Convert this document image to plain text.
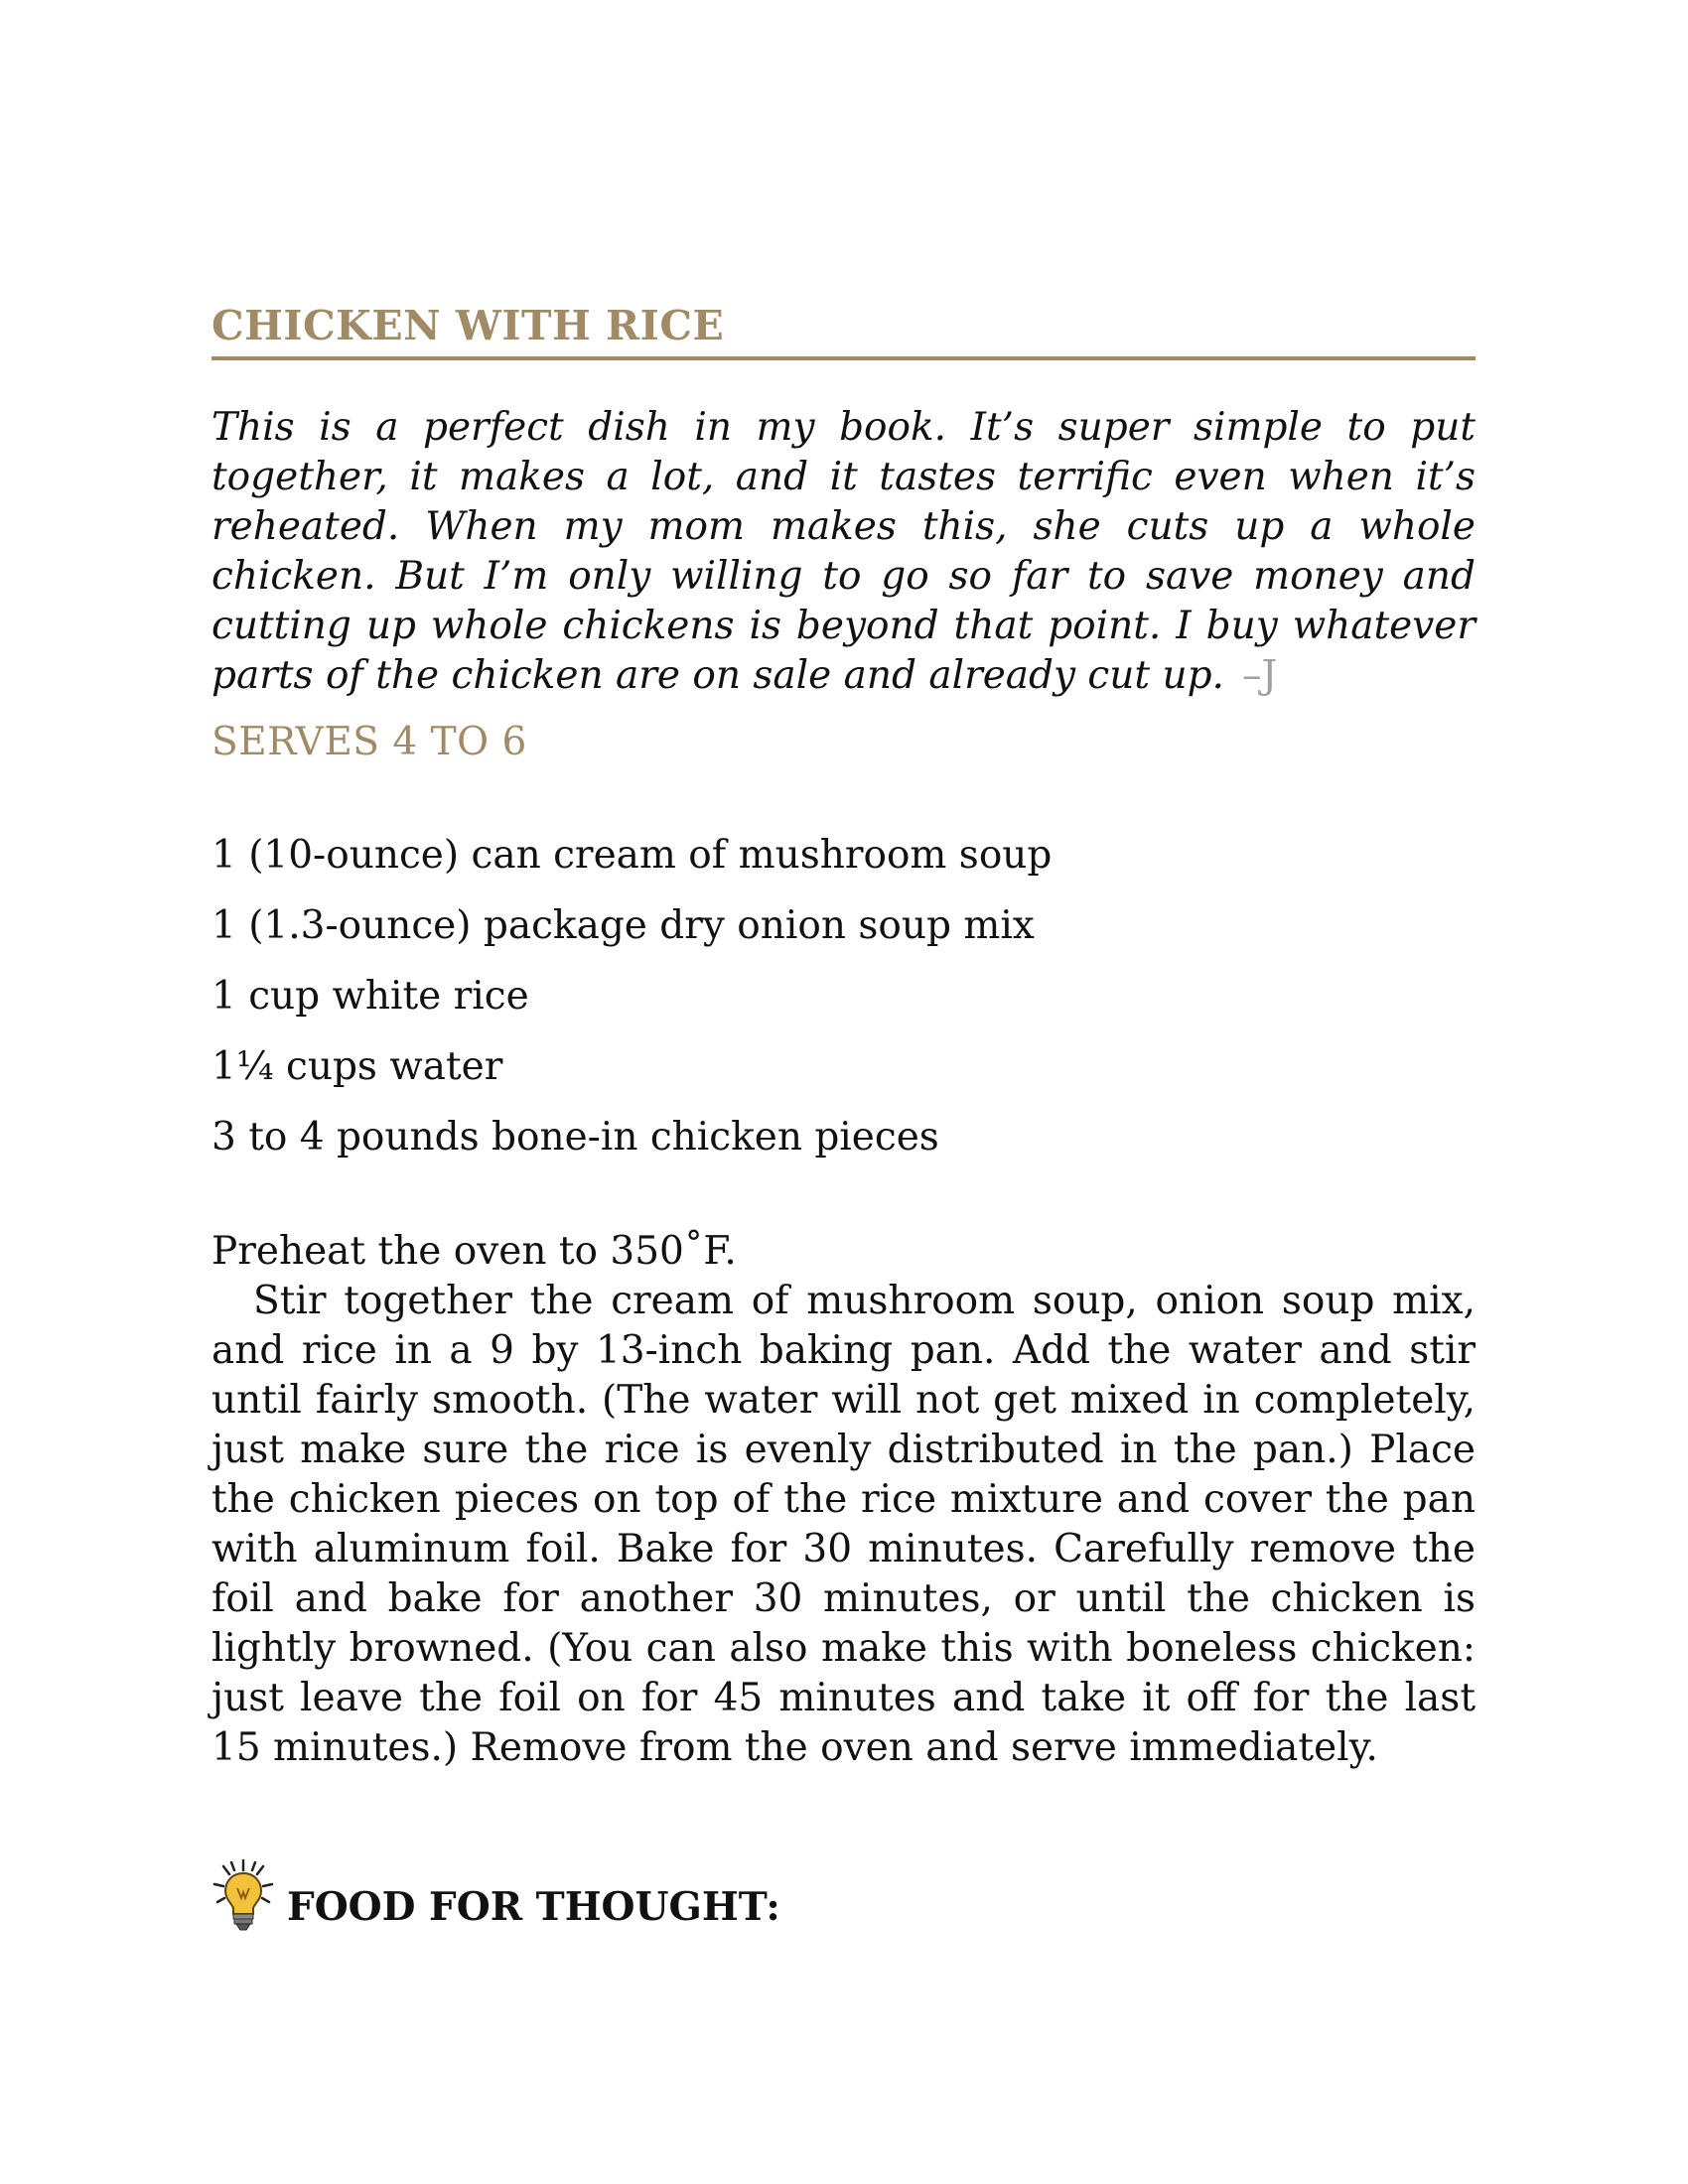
CHICKEN WITH RICE

This is a perfect dish in my book. It’s super simple to put together, it makes a lot, and it tastes terrific even when it’s reheated. When my mom makes this, she cuts up a whole chicken. But I’m only willing to go so far to save money and cutting up whole chickens is beyond that point. I buy whatever parts of the chicken are on sale and already cut up. –J

SERVES 4 TO 6
1 (10-ounce) can cream of mushroom soup
1 (1.3-ounce) package dry onion soup mix
1 cup white rice
1¼ cups water
3 to 4 pounds bone-in chicken pieces

Preheat the oven to 350˚F.

Stir together the cream of mushroom soup, onion soup mix, and rice in a 9 by 13-inch baking pan. Add the water and stir until fairly smooth. (The water will not get mixed in completely, just make sure the rice is evenly distributed in the pan.) Place the chicken pieces on top of the rice mixture and cover the pan with aluminum foil. Bake for 30 minutes. Carefully remove the foil and bake for another 30 minutes, or until the chicken is lightly browned. (You can also make this with boneless chicken: just leave the foil on for 45 minutes and take it off for the last 15 minutes.) Remove from the oven and serve immediately.

FOOD FOR THOUGHT:
